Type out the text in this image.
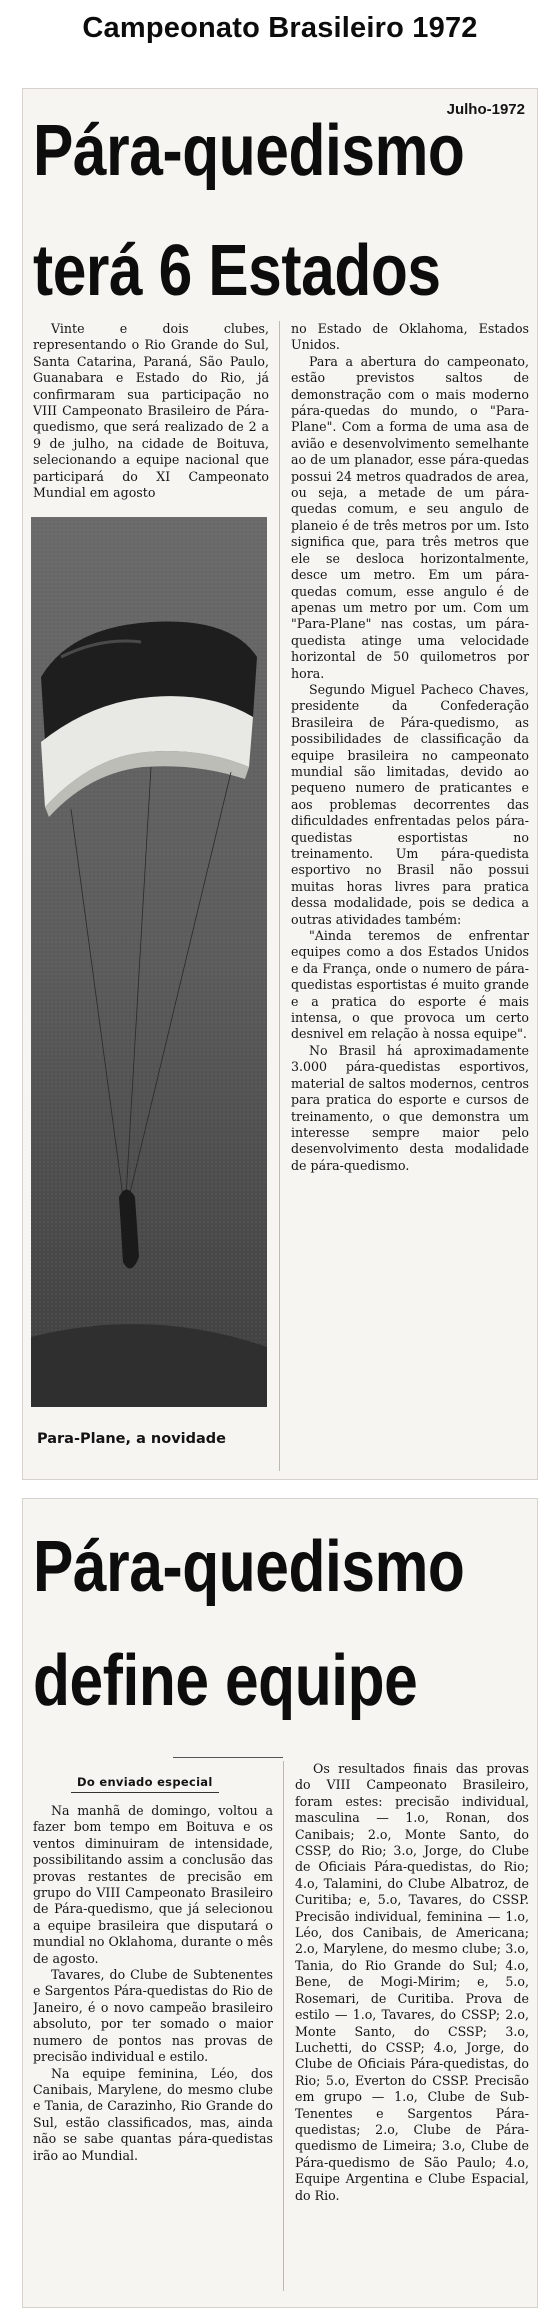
Campeonato Brasileiro 1972
Julho-1972
Pára-quedismo
terá 6 Estados

Vinte e dois clubes, representando o Rio Grande do Sul, Santa Catarina, Paraná, São Paulo, Guanabara e Estado do Rio, já confirmaram sua participação no VIII Campeonato Brasileiro de Pára-quedismo, que será realizado de 2 a 9 de julho, na cidade de Boituva, selecionando a equipe nacional que participará do XI Campeonato Mundial em agosto

Para-Plane, a novidade

no Estado de Oklahoma, Estados Unidos.

Para a abertura do campeonato, estão previstos saltos de demonstração com o mais moderno pára-quedas do mundo, o "Para-Plane". Com a forma de uma asa de avião e desenvolvimento semelhante ao de um planador, esse pára-quedas possui 24 metros quadrados de area, ou seja, a metade de um pára-quedas comum, e seu angulo de planeio é de três metros por um. Isto significa que, para três metros que ele se desloca horizontalmente, desce um metro. Em um pára-quedas comum, esse angulo é de apenas um metro por um. Com um "Para-Plane" nas costas, um pára-quedista atinge uma velocidade horizontal de 50 quilometros por hora.

Segundo Miguel Pacheco Chaves, presidente da Confederação Brasileira de Pára-quedismo, as possibilidades de classificação da equipe brasileira no campeonato mundial são limitadas, devido ao pequeno numero de praticantes e aos problemas decorrentes das dificuldades enfrentadas pelos pára-quedistas esportistas no treinamento. Um pára-quedista esportivo no Brasil não possui muitas horas livres para pratica dessa modalidade, pois se dedica a outras atividades também:

"Ainda teremos de enfrentar equipes como a dos Estados Unidos e da França, onde o numero de pára-quedistas esportistas é muito grande e a pratica do esporte é mais intensa, o que provoca um certo desnivel em relação à nossa equipe".

No Brasil há aproximadamente 3.000 pára-quedistas esportivos, material de saltos modernos, centros para pratica do esporte e cursos de treinamento, o que demonstra um interesse sempre maior pelo desenvolvimento desta modalidade de pára-quedismo.

Pára-quedismo
define equipe
Do enviado especial

Na manhã de domingo, voltou a fazer bom tempo em Boituva e os ventos diminuiram de intensidade, possibilitando assim a conclusão das provas restantes de precisão em grupo do VIII Campeonato Brasileiro de Pára-quedismo, que já selecionou a equipe brasileira que disputará o mundial no Oklahoma, durante o mês de agosto.

Tavares, do Clube de Subtenentes e Sargentos Pára-quedistas do Rio de Janeiro, é o novo campeão brasileiro absoluto, por ter somado o maior numero de pontos nas provas de precisão individual e estilo.

Na equipe feminina, Léo, dos Canibais, Marylene, do mesmo clube e Tania, de Carazinho, Rio Grande do Sul, estão classificados, mas, ainda não se sabe quantas pára-quedistas irão ao Mundial.

Os resultados finais das provas do VIII Campeonato Brasileiro, foram estes: precisão individual, masculina — 1.o, Ronan, dos Canibais; 2.o, Monte Santo, do CSSP, do Rio; 3.o, Jorge, do Clube de Oficiais Pára-quedistas, do Rio; 4.o, Talamini, do Clube Albatroz, de Curitiba; e, 5.o, Tavares, do CSSP. Precisão individual, feminina — 1.o, Léo, dos Canibais, de Americana; 2.o, Marylene, do mesmo clube; 3.o, Tania, do Rio Grande do Sul; 4.o, Bene, de Mogi-Mirim; e, 5.o, Rosemari, de Curitiba. Prova de estilo — 1.o, Tavares, do CSSP; 2.o, Monte Santo, do CSSP; 3.o, Luchetti, do CSSP; 4.o, Jorge, do Clube de Oficiais Pára-quedistas, do Rio; 5.o, Everton do CSSP. Precisão em grupo — 1.o, Clube de Sub-Tenentes e Sargentos Pára-quedistas; 2.o, Clube de Pára-quedismo de Limeira; 3.o, Clube de Pára-quedismo de São Paulo; 4.o, Equipe Argentina e Clube Espacial, do Rio.
